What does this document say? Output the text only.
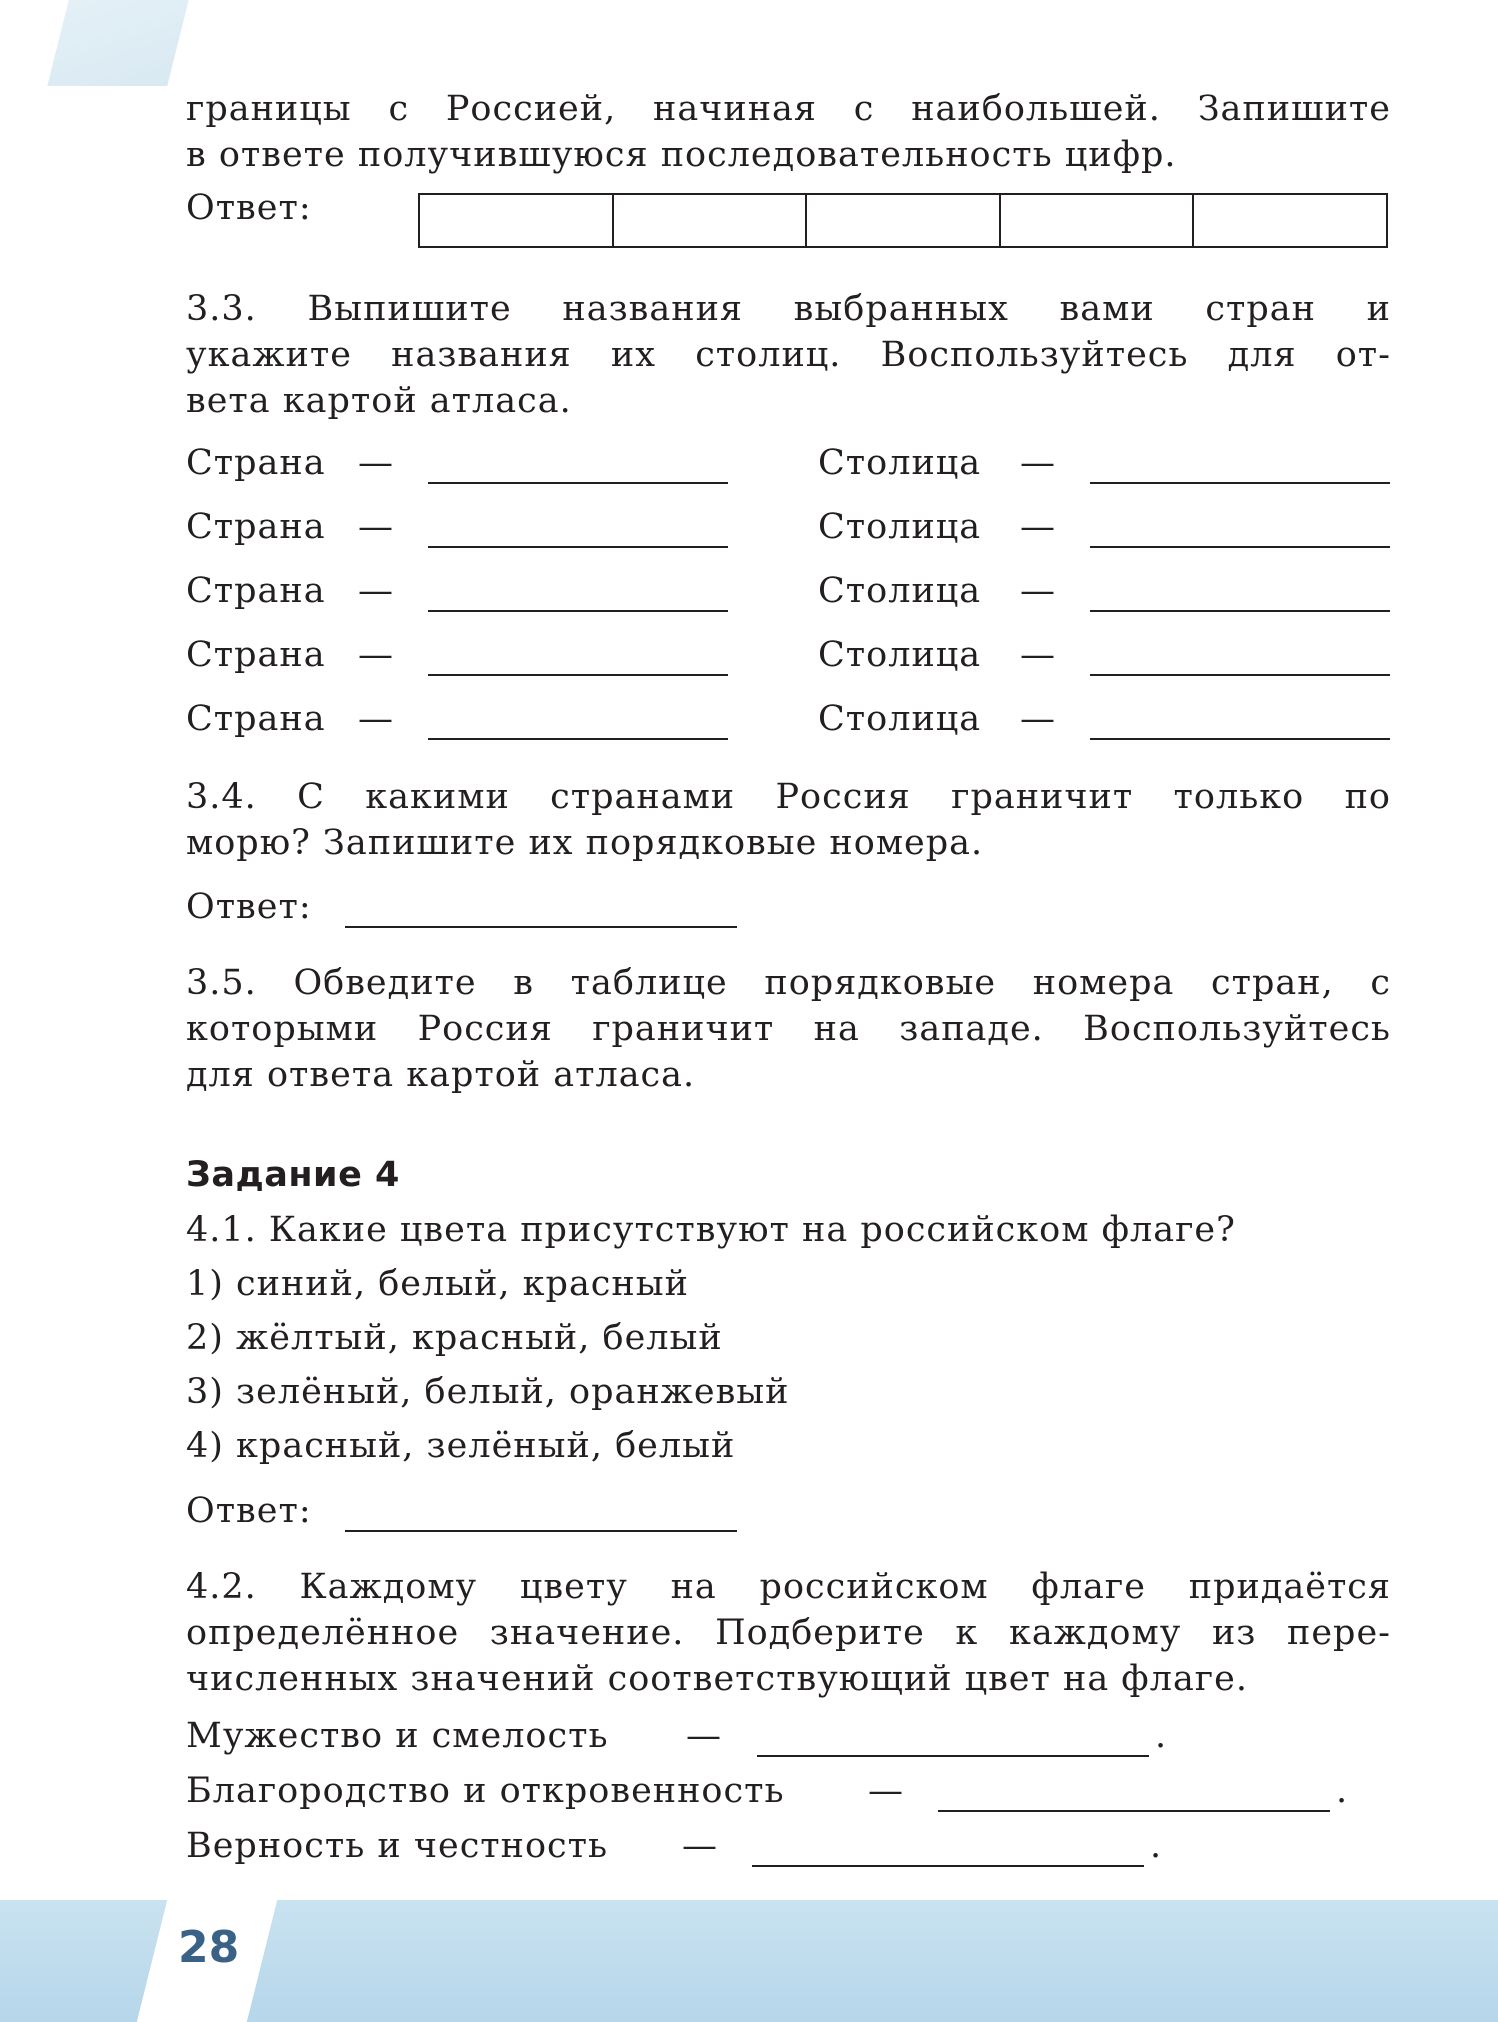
границы с Россией, начиная с наибольшей. Запишите
в ответе получившуюся последовательность цифр.
Ответ:
3.3. Выпишите названия выбранных вами стран и
укажите названия их столиц. Воспользуйтесь для от-
вета картой атласа.
Страна —	Столица —
Страна —	Столица —
Страна —	Столица —
Страна —	Столица —
Страна —	Столица —
3.4. С какими странами Россия граничит только по
морю? Запишите их порядковые номера.
Ответ:
3.5. Обведите в таблице порядковые номера стран, с
которыми Россия граничит на западе. Воспользуйтесь
для ответа картой атласа.
Задание 4
4.1. Какие цвета присутствуют на российском флаге?
1) синий, белый, красный
2) жёлтый, красный, белый
3) зелёный, белый, оранжевый
4) красный, зелёный, белый
Ответ:
4.2. Каждому цвету на российском флаге придаётся
определённое значение. Подберите к каждому из пере-
численных значений соответствующий цвет на флаге.
Мужество и смелость —	.
Благородство и откровенность —	.
Верность и честность —	.
28
